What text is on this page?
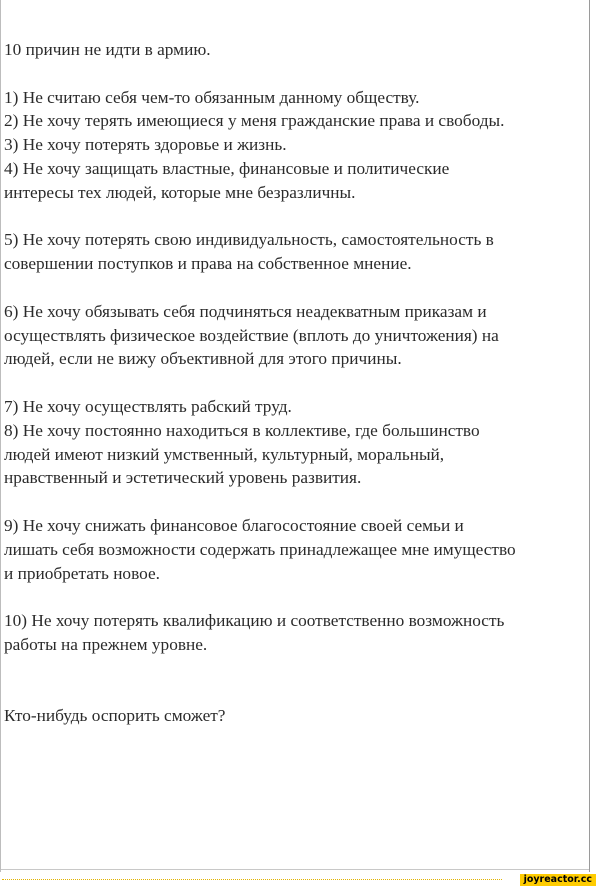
10 причин не идти в армию.
1) Не считаю себя чем-то обязанным данному обществу.
2) Не хочу терять имеющиеся у меня гражданские права и свободы.
3) Не хочу потерять здоровье и жизнь.
4) Не хочу защищать властные, финансовые и политические
интересы тех людей, которые мне безразличны.
5) Не хочу потерять свою индивидуальность, самостоятельность в
совершении поступков и права на собственное мнение.
6) Не хочу обязывать себя подчиняться неадекватным приказам и
осуществлять физическое воздействие (вплоть до уничтожения) на
людей, если не вижу объективной для этого причины.
7) Не хочу осуществлять рабский труд.
8) Не хочу постоянно находиться в коллективе, где большинство
людей имеют низкий умственный, культурный, моральный,
нравственный и эстетический уровень развития.
9) Не хочу снижать финансовое благосостояние своей семьи и
лишать себя возможности содержать принадлежащее мне имущество
и приобретать новое.
10) Не хочу потерять квалификацию и соответственно возможность
работы на прежнем уровне.
Кто-нибудь оспорить сможет?
joyreactor.cc
